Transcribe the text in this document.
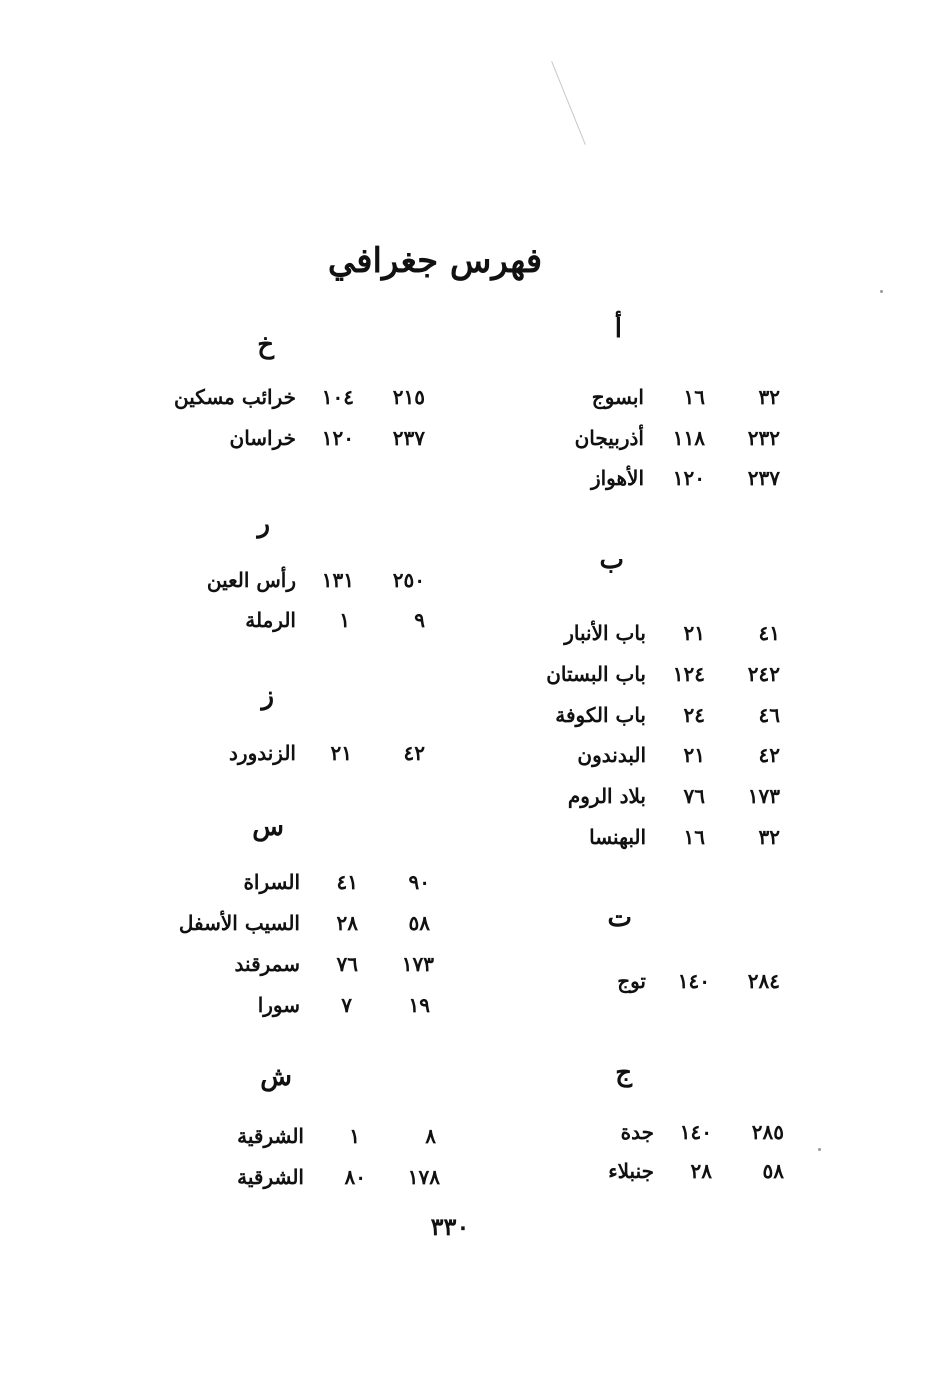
فهرس جغرافي
أ
٣٢
١٦
ابسوج
٢٣٢
١١٨
أذربيجان
٢٣٧
١٢٠
الأهواز
ب
٤١
٢١
باب الأنبار
٢٤٢
١٢٤
باب البستان
٤٦
٢٤
باب الكوفة
٤٢
٢١
البدندون
١٧٣
٧٦
بلاد الروم
٣٢
١٦
البهنسا
ت
٢٨٤
١٤٠
توج
ج
٢٨٥
١٤٠
جدة
٥٨
٢٨
جنبلاء
خ
٢١٥
١٠٤
خرائب مسكين
٢٣٧
١٢٠
خراسان
ر
٢٥٠
١٣١
رأس العين
٩
١
الرملة
ز
٤٢
٢١
الزندورد
س
٩٠
٤١
السراة
٥٨
٢٨
السيب الأسفل
١٧٣
٧٦
سمرقند
١٩
٧
سورا
ش
٨
١
الشرقية
١٧٨
٨٠
الشرقية
٣٣٠
